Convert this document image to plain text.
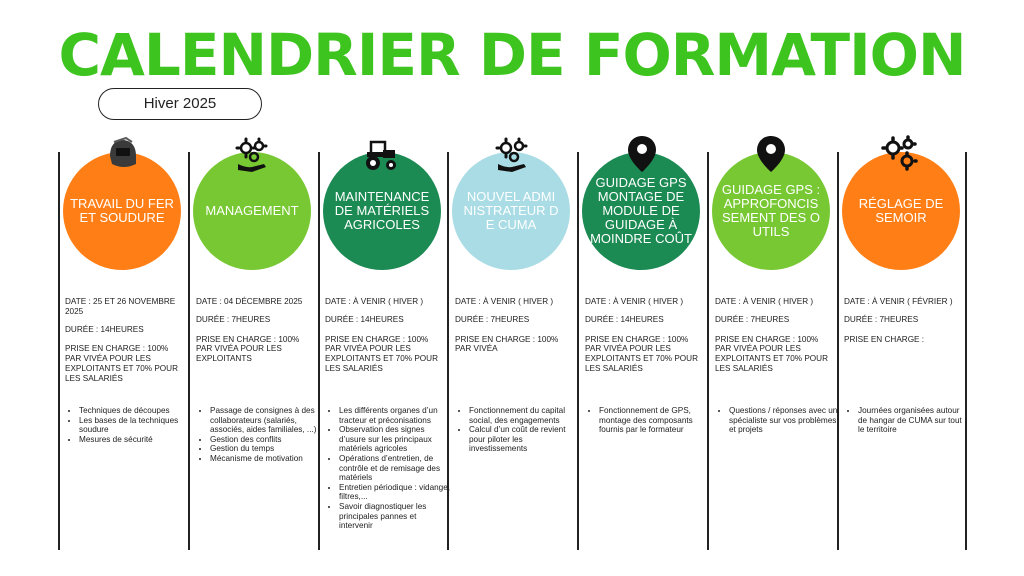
CALENDRIER DE FORMATION
Hiver 2025
TRAVAIL DU FER ET SOUDURE

DATE : 25 ET 26 NOVEMBRE 2025

DURÉE : 14HEURES

PRISE EN CHARGE : 100% PAR VIVÉA POUR LES EXPLOITANTS ET 70% POUR LES SALARIÉS

• Techniques de découpes
• Les bases de la techniques soudure
• Mesures de sécurité
MANAGEMENT

DATE : 04 DÉCEMBRE 2025

DURÉE : 7HEURES

PRISE EN CHARGE : 100% PAR VIVÉA POUR LES EXPLOITANTS

• Passage de consignes à des collaborateurs (salariés, associés, aides familiales, ...)
• Gestion des conflits
• Gestion du temps
• Mécanisme de motivation
MAINTENANCE DE MATÉRIELS AGRICOLES

DATE : À VENIR ( HIVER )

DURÉE : 14HEURES

PRISE EN CHARGE : 100% PAR VIVÉA POUR LES EXPLOITANTS ET 70% POUR LES SALARIÉS

• Les différents organes d’un tracteur et préconisations
• Observation des signes d’usure sur les principaux matériels agricoles
• Opérations d’entretien, de contrôle et de remisage des matériels
• Entretien périodique : vidange, filtres,...
• Savoir diagnostiquer les principales pannes et intervenir
NOUVEL ADMINISTRATEUR DE CUMA

DATE : À VENIR ( HIVER )

DURÉE : 7HEURES

PRISE EN CHARGE : 100% PAR VIVÉA

• Fonctionnement du capital social, des engagements
• Calcul d’un coût de revient pour piloter les investissements
GUIDAGE GPS MONTAGE DE MODULE DE GUIDAGE À MOINDRE COÛT

DATE : À VENIR ( HIVER )

DURÉE : 14HEURES

PRISE EN CHARGE : 100% PAR VIVÉA POUR LES EXPLOITANTS ET 70% POUR LES SALARIÉS

• Fonctionnement de GPS, montage des composants fournis par le formateur
GUIDAGE GPS : APPROFONCISSEMENT DES OUTILS

DATE : À VENIR ( HIVER )

DURÉE : 7HEURES

PRISE EN CHARGE : 100% PAR VIVÉA POUR LES EXPLOITANTS ET 70% POUR LES SALARIÉS

• Questions / réponses avec un spécialiste sur vos problèmes et projets
RÉGLAGE DE SEMOIR

DATE : À VENIR ( FÉVRIER )

DURÉE : 7HEURES

PRISE EN CHARGE :

• Journées organisées autour de hangar de CUMA sur tout le territoire
